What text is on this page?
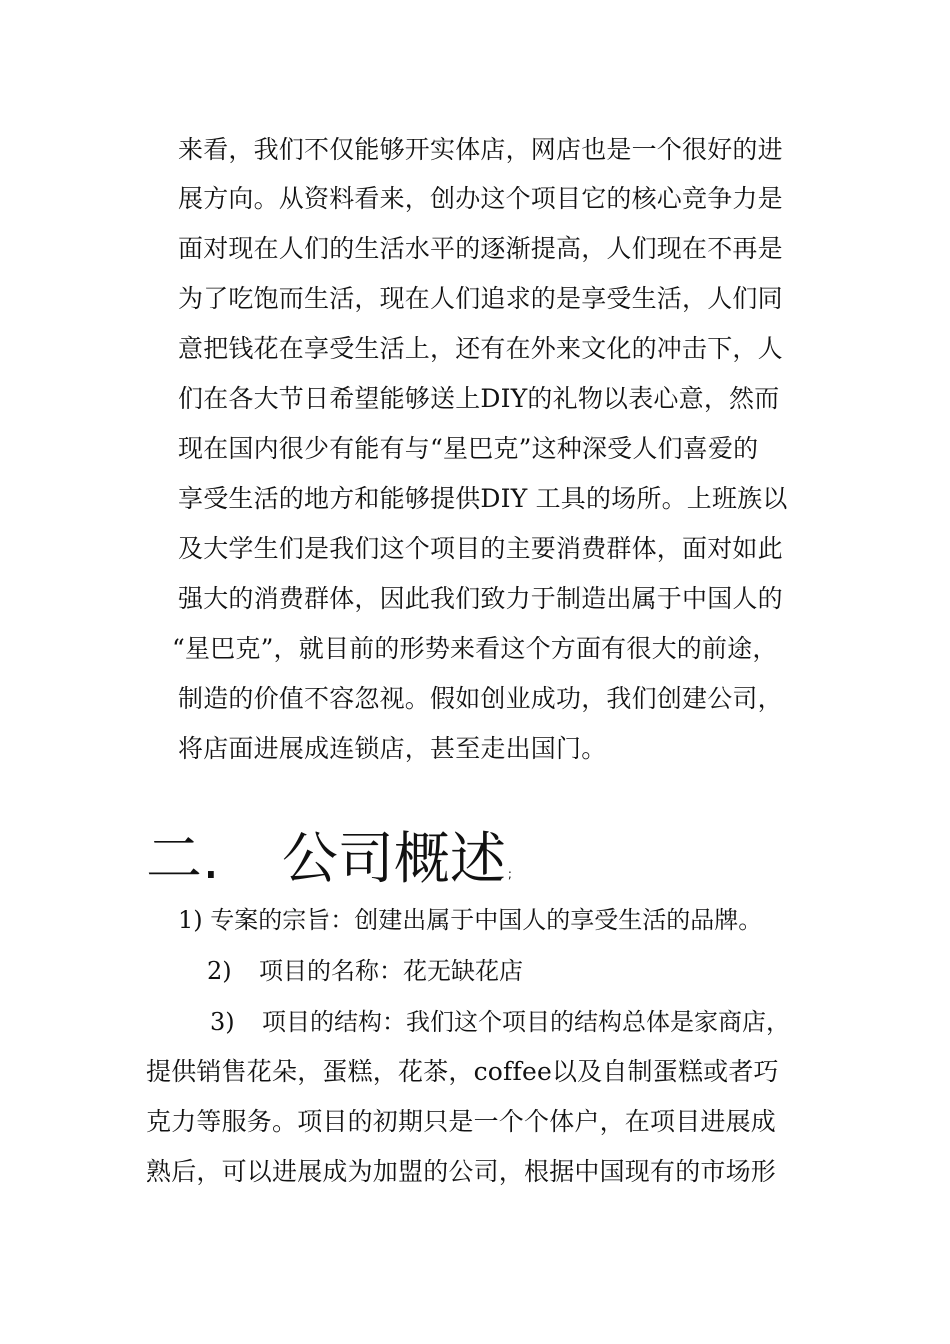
来看，我们不仅能够开实体店，网店也是一个很好的进
展方向。从资料看来，创办这个项目它的核心竞争力是
面对现在人们的生活水平的逐渐提高，人们现在不再是
为了吃饱而生活，现在人们追求的是享受生活，人们同
意把钱花在享受生活上，还有在外来文化的冲击下，人
们在各大节日希望能够送上DIY的礼物以表心意，然而
现在国内很少有能有与“星巴克”这种深受人们喜爱的
享受生活的地方和能够提供DIY 工具的场所。上班族以
及大学生们是我们这个项目的主要消费群体，面对如此
强大的消费群体，因此我们致力于制造出属于中国人的
“星巴克”，就目前的形势来看这个方面有很大的前途，
制造的价值不容忽视。假如创业成功，我们创建公司，
将店面进展成连锁店，甚至走出国门。
二. 公司概述 ;
1) 专案的宗旨：创建出属于中国人的享受生活的品牌。
2) 项目的名称：花无缺花店
3) 项目的结构：我们这个项目的结构总体是家商店，
提供销售花朵，蛋糕，花茶，coffee以及自制蛋糕或者巧
克力等服务。项目的初期只是一个个体户，在项目进展成
熟后，可以进展成为加盟的公司，根据中国现有的市场形
